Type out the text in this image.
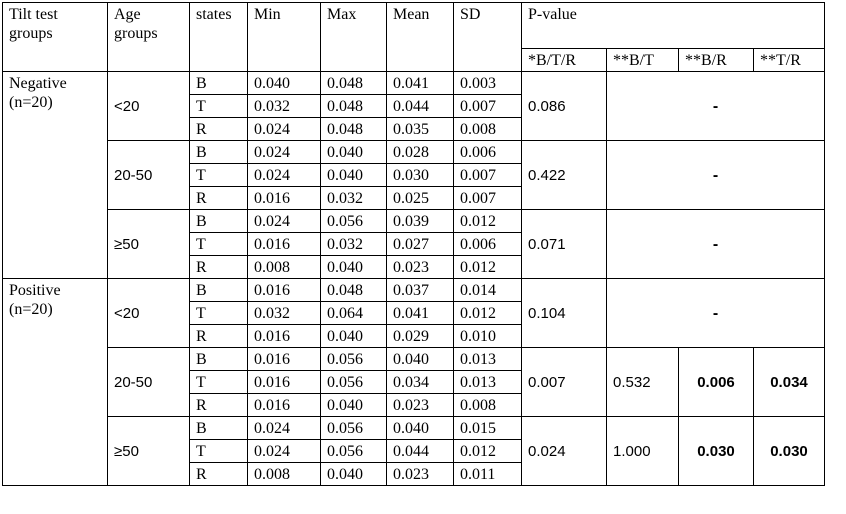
Tilt test groups	Age groups	states	Min	Max	Mean	SD	P-value			
							*B/T/R	**B/T	**B/R	**T/R
Negative (n=20)	<20	B	0.040	0.048	0.041	0.003	0.086	-		
		T	0.032	0.048	0.044	0.007				
		R	0.024	0.048	0.035	0.008				
	20-50	B	0.024	0.040	0.028	0.006	0.422	-		
		T	0.024	0.040	0.030	0.007				
		R	0.016	0.032	0.025	0.007				
	≥50	B	0.024	0.056	0.039	0.012	0.071	-		
		T	0.016	0.032	0.027	0.006				
		R	0.008	0.040	0.023	0.012				
Positive (n=20)	<20	B	0.016	0.048	0.037	0.014	0.104	-		
		T	0.032	0.064	0.041	0.012				
		R	0.016	0.040	0.029	0.010				
	20-50	B	0.016	0.056	0.040	0.013	0.007	0.532	0.006	0.034
		T	0.016	0.056	0.034	0.013				
		R	0.016	0.040	0.023	0.008				
	≥50	B	0.024	0.056	0.040	0.015	0.024	1.000	0.030	0.030
		T	0.024	0.056	0.044	0.012				
		R	0.008	0.040	0.023	0.011				
